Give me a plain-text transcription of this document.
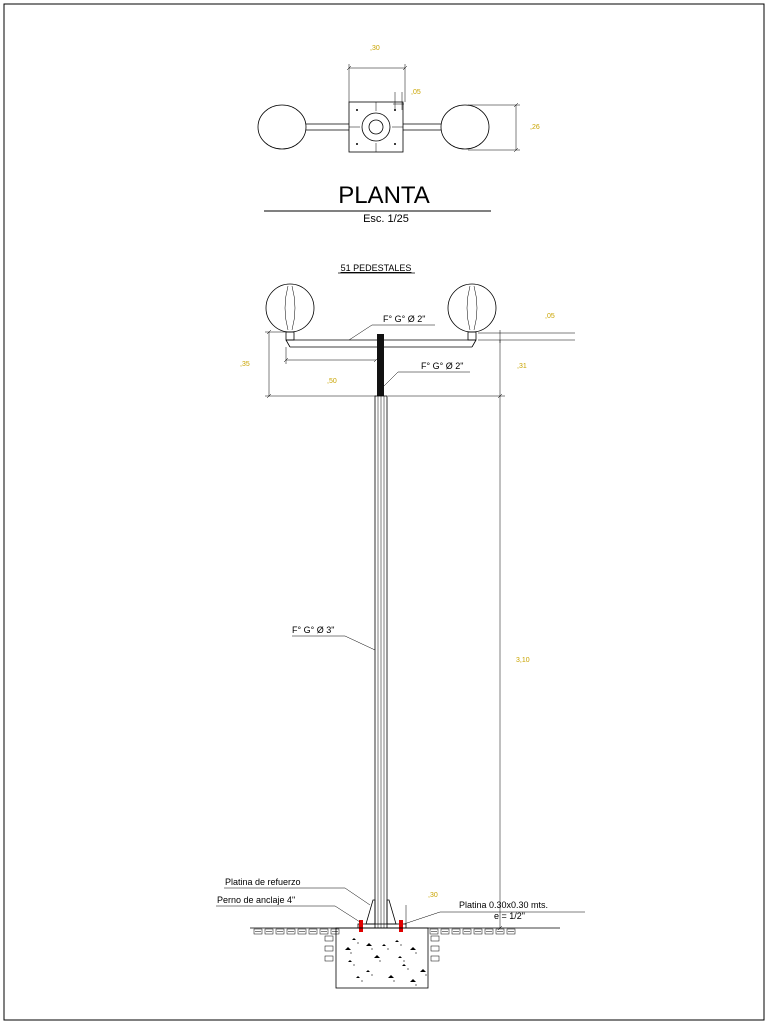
,30
,05
,26
PLANTA
Esc. 1/25
51 PEDESTALES
,05
,31
3,10
,35
,50
F° G° Ø 2"
F° G° Ø 2"
F° G° Ø 3"
Platina de refuerzo
Perno de anclaje 4"	Platina 0.30x0.30 mts.
e = 1/2"
,30
